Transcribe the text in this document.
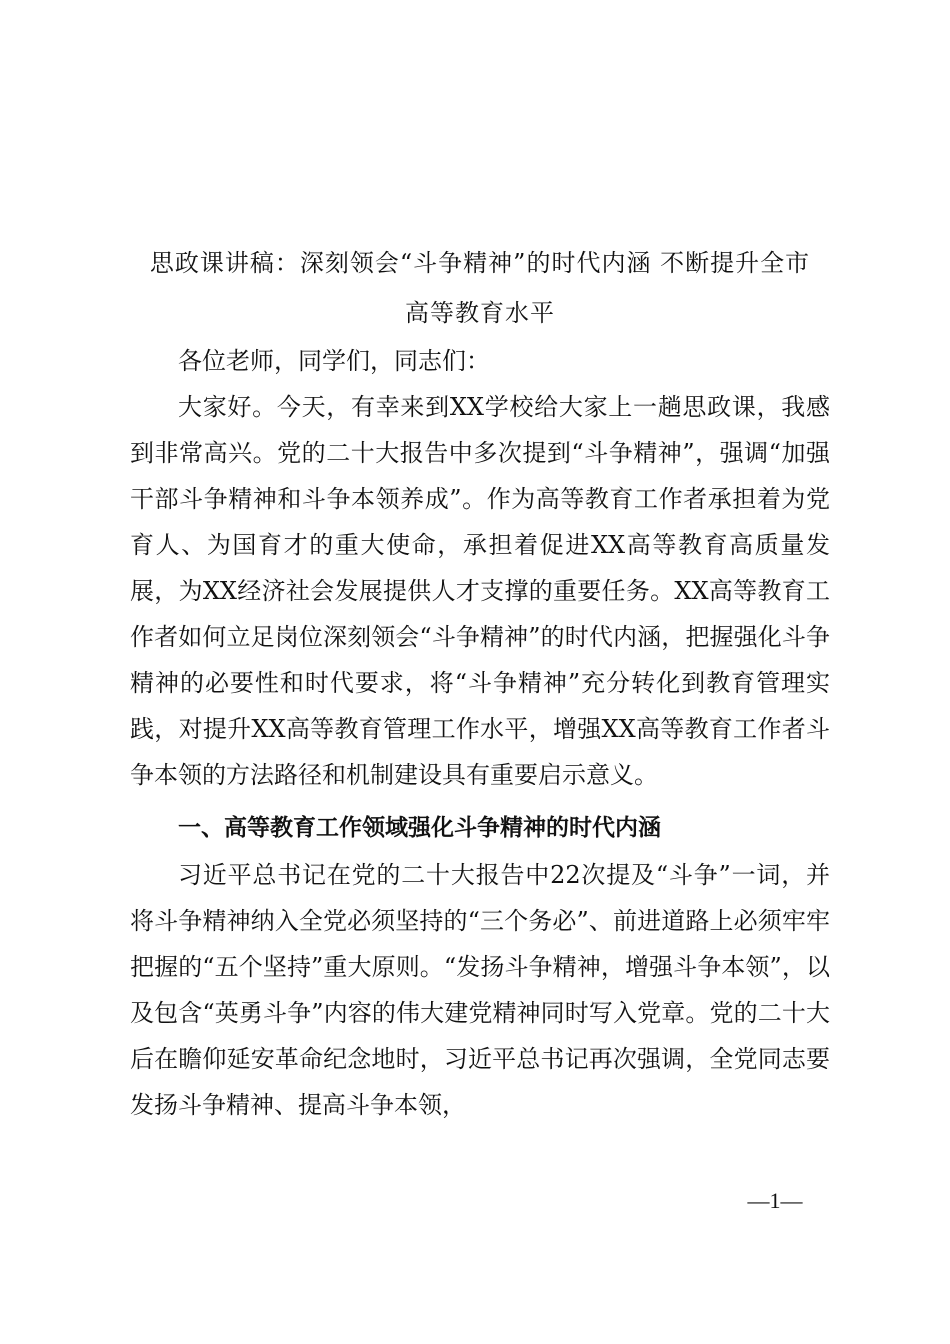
思政课讲稿：深刻领会“斗争精神”的时代内涵 不断提升全市
高等教育水平

各位老师，同学们，同志们：

大家好。今天，有幸来到XX学校给大家上一趟思政课，我感到非常高兴。党的二十大报告中多次提到“斗争精神”，强调“加强干部斗争精神和斗争本领养成”。作为高等教育工作者承担着为党育人、为国育才的重大使命，承担着促进XX高等教育高质量发展，为XX经济社会发展提供人才支撑的重要任务。XX高等教育工作者如何立足岗位深刻领会“斗争精神”的时代内涵，把握强化斗争精神的必要性和时代要求，将“斗争精神”充分转化到教育管理实践，对提升XX高等教育管理工作水平，增强XX高等教育工作者斗争本领的方法路径和机制建设具有重要启示意义。

一、高等教育工作领域强化斗争精神的时代内涵

习近平总书记在党的二十大报告中22次提及“斗争”一词，并将斗争精神纳入全党必须坚持的“三个务必”、前进道路上必须牢牢把握的“五个坚持”重大原则。“发扬斗争精神，增强斗争本领”，以及包含“英勇斗争”内容的伟大建党精神同时写入党章。党的二十大后在瞻仰延安革命纪念地时，习近平总书记再次强调，全党同志要发扬斗争精神、提高斗争本领，

—1—
